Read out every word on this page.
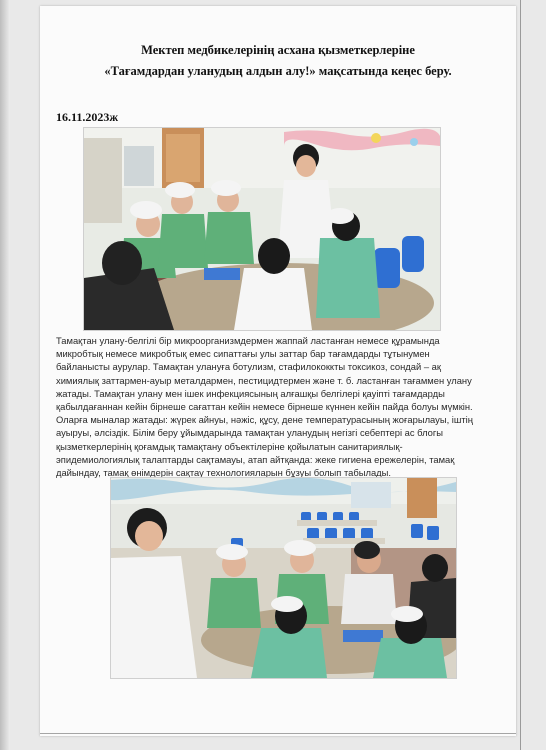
Мектеп медбикелерінің асхана қызметкерлеріне
«Тағамдардан уланудың алдын алу!» мақсатында кеңес беру.
16.11.2023ж

Тамақтан улану-белгілі бір микроорганизмдермен жаппай ластанған немесе құрамында микробтық немесе микробтық емес сипаттағы улы заттар бар тағамдарды тұтынумен байланысты аурулар. Тамақтан улануға ботулизм, стафилококкты токсикоз, сондай – ақ химиялық заттармен-ауыр металдармен, пестицидтермен және т. б. ластанған тағаммен улану жатады. Тамақтан улану мен ішек инфекциясының алғашқы белгілері қауіпті тағамдарды қабылдағаннан кейін бірнеше сағаттан кейін немесе бірнеше күннен кейін пайда болуы мүмкін. Оларға мыналар жатады: жүрек айнуы, нәжіс, құсу, дене температурасының жоғарылауы, іштің ауыруы, әлсіздік. Білім беру ұйымдарында тамақтан уланудың негізгі себептері ас блогы қызметкерлерінің қоғамдық тамақтану объектілеріне қойылатын санитариялық-эпидемиологиялық талаптарды сақтамауы, атап айтқанда: жеке гигиена ережелерін, тамақ дайындау, тамақ өнімдерін сақтау технологияларын бұзуы болып табылады.
